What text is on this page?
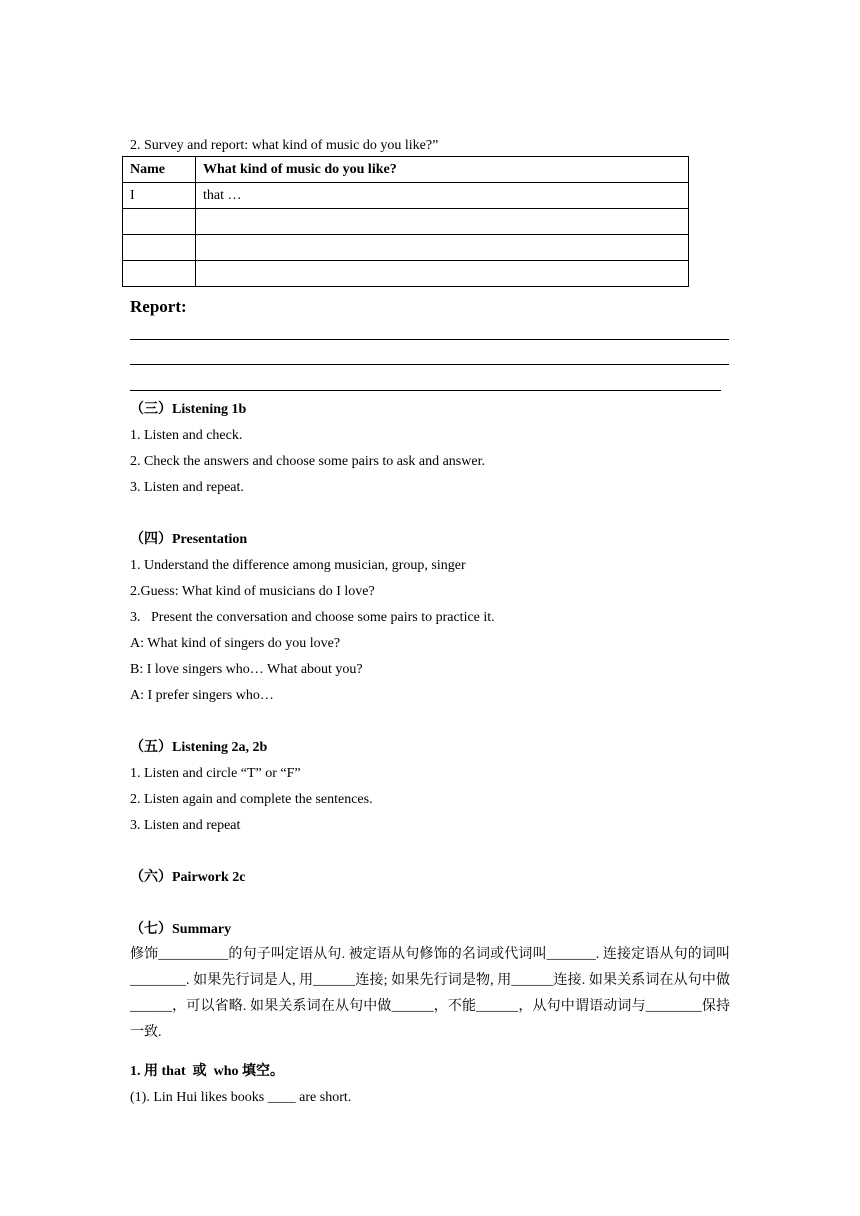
2. Survey and report: what kind of music do you like?”
Name	What kind of music do you like?
I	that …

Report:
（三）Listening 1b
1. Listen and check.
2. Check the answers and choose some pairs to ask and answer.
3. Listen and repeat.
（四）Presentation
1. Understand the difference among musician, group, singer
2.Guess: What kind of musicians do I love?
3.   Present the conversation and choose some pairs to practice it.
A: What kind of singers do you love?
B: I love singers who… What about you?
A: I prefer singers who…
（五）Listening 2a, 2b
1. Listen and circle “T” or “F”
2. Listen again and complete the sentences.
3. Listen and repeat
（六）Pairwork 2c
（七）Summary
修饰__________的句子叫定语从句. 被定语从句修饰的名词或代词叫_______. 连接定语从句的词叫________. 如果先行词是人, 用______连接; 如果先行词是物, 用______连接. 如果关系词在从句中做______，可以省略. 如果关系词在从句中做______，不能______，从句中谓语动词与________保持一致.
1. 用 that  或  who 填空。
(1). Lin Hui likes books ____ are short.
